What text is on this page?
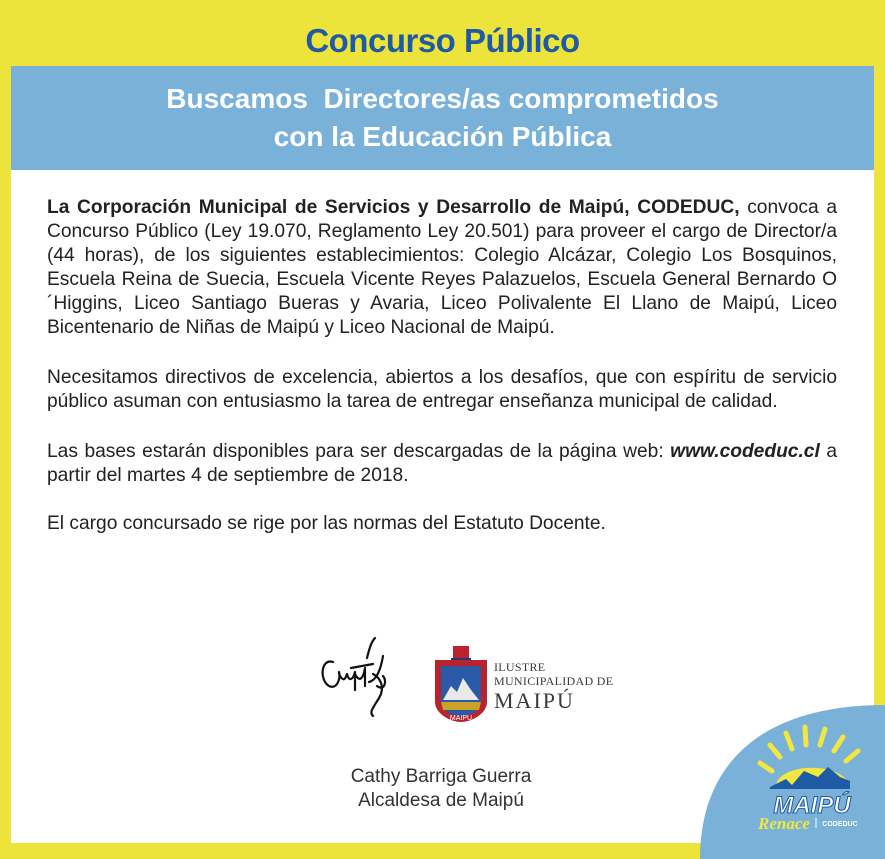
Concurso Público
Buscamos  Directores/as comprometidos
con la Educación Pública

La Corporación Municipal de Servicios y Desarrollo de Maipú, CODEDUC, convoca a Concurso Público (Ley 19.070, Reglamento Ley 20.501) para proveer el cargo de Director/a (44 horas), de los siguientes establecimientos: Colegio Alcázar, Colegio Los Bosquinos, Escuela Reina de Suecia, Escuela Vicente Reyes Palazuelos, Escuela General Bernardo O´Higgins, Liceo Santiago Bueras y Avaria, Liceo Polivalente El Llano de Maipú, Liceo Bicentenario de Niñas de Maipú y Liceo Nacional de Maipú.

Necesitamos directivos de excelencia, abiertos a los desafíos, que con espíritu de servicio público asuman con entusiasmo la tarea de entregar enseñanza municipal de calidad.

Las bases estarán disponibles para ser descargadas de la página web: www.codeduc.cl a partir del martes 4 de septiembre de 2018.

El cargo concursado se rige por las normas del Estatuto Docente.

MAIPU
ILUSTRE
MUNICIPALIDAD DE
MAIPÚ
Cathy Barriga Guerra
Alcaldesa de Maipú	MAIPÚ
Renace CODEDUC
